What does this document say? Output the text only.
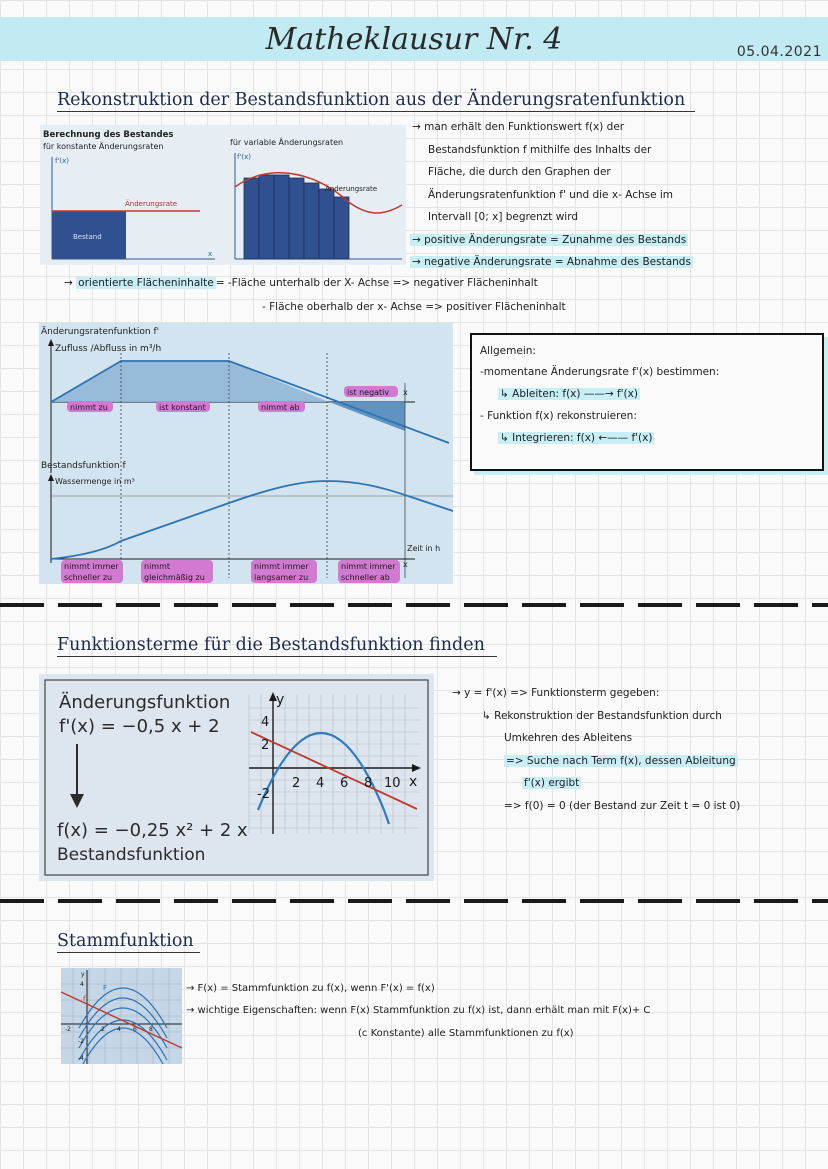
Matheklausur Nr. 4	05.04.2021
Rekonstruktion der Bestandsfunktion aus der Änderungsratenfunktion
Berechnung des Bestandes
für konstante Änderungsraten	für variable Änderungsraten
f'(x)
Änderungsrate
Bestand
x
f'(x)
Änderungsrate
→ man erhält den Funktionswert f(x) der
Bestandsfunktion f mithilfe des Inhalts der
Fläche, die durch den Graphen der
Änderungsratenfunktion f' und die x- Achse im
Intervall [0; x] begrenzt wird
→ positive Änderungsrate = Zunahme des Bestands
→ negative Änderungsrate = Abnahme des Bestands
→ orientierte Flächeninhalte = -Fläche unterhalb der X- Achse => negativer Flächeninhalt
- Fläche oberhalb der x- Achse => positiver Flächeninhalt
Änderungsratenfunktion f'
Zufluss /Abfluss in m³/h
x
nimmt zu	ist konstant	nimmt ab
ist negativ
Bestandsfunktion f
Wassermenge in m³
Zeit in h
x
nimmt immer
schneller zu
nimmt
gleichmäßig zu
nimmt immer
langsamer zu
nimmt immer
schneller ab
Allgemein:
-momentane Änderungsrate f'(x) bestimmen:
↳ Ableiten: f(x) ——→ f'(x)
- Funktion f(x) rekonstruieren:
↳ Integrieren: f(x) ←—— f'(x)
Funktionsterme für die Bestandsfunktion finden
Änderungsfunktion
f'(x) = −0,5 x + 2
f(x) = −0,25 x² + 2 x
Bestandsfunktion
y
x
2 4 6 8 10
4
2
-2
→ y = f'(x) => Funktionsterm gegeben:
↳ Rekonstruktion der Bestandsfunktion durch
Umkehren des Ableitens
=> Suche nach Term f(x), dessen Ableitung
f'(x) ergibt
=> f(0) = 0 (der Bestand zur Zeit t = 0 ist 0)
Stammfunktion
F
f
y
-2	2 4 6 8
4
-2
-4
→ F(x) = Stammfunktion zu f(x), wenn F'(x) = f(x)
→ wichtige Eigenschaften: wenn F(x) Stammfunktion zu f(x) ist, dann erhält man mit F(x)+ C
(c Konstante) alle Stammfunktionen zu f(x)
